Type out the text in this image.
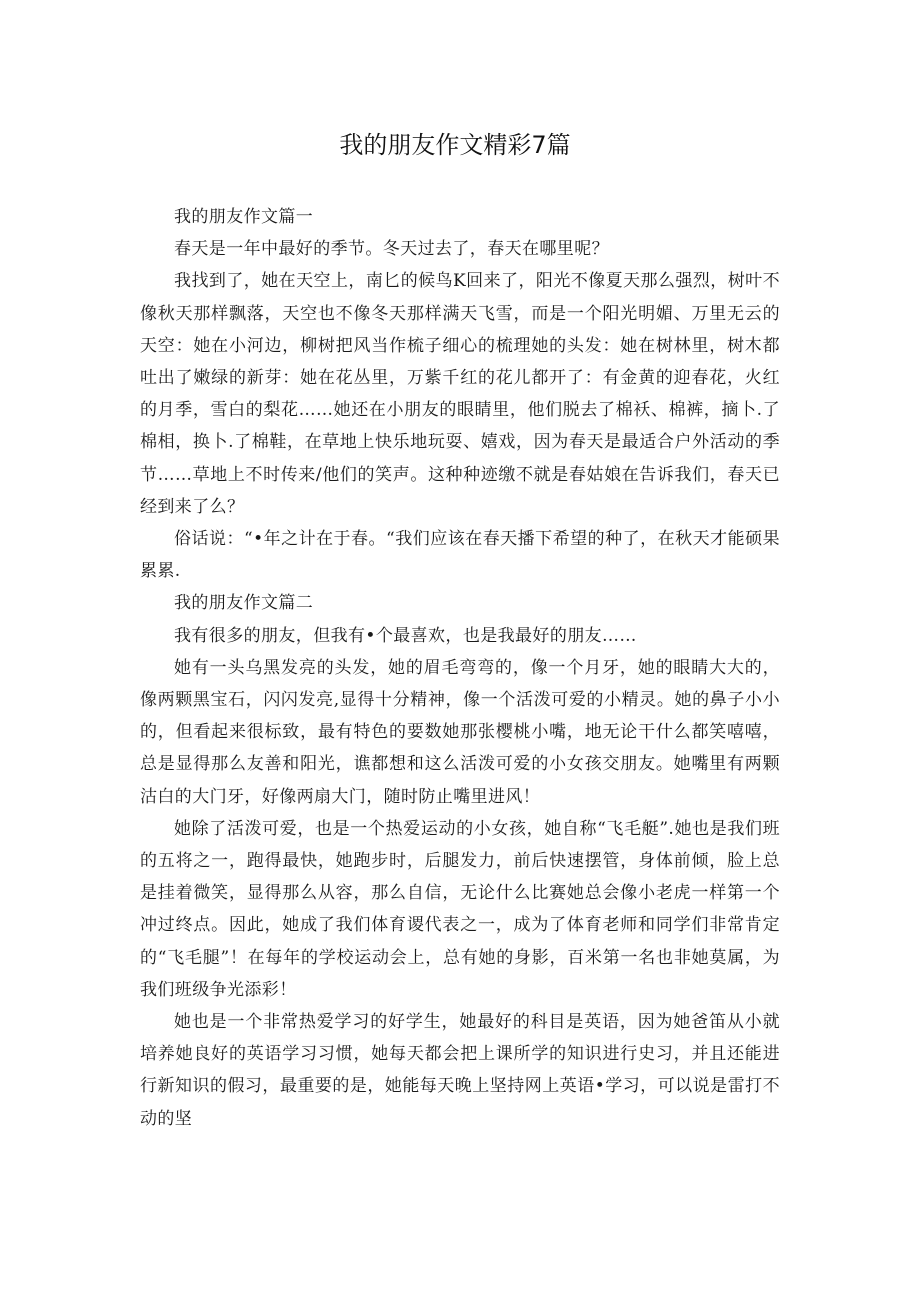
我的朋友作文精彩7篇

我的朋友作文篇一

春天是一年中最好的季节。冬天过去了，春天在哪里呢？

我找到了，她在天空上，南匕的候鸟K回来了，阳光不像夏天那么强烈，树叶不像秋天那样飘落，天空也不像冬天那样满天飞雪，而是一个阳光明媚、万里无云的天空：她在小河边，柳树把风当作梳子细心的梳理她的头发：她在树林里，树木都吐出了嫩绿的新芽：她在花丛里，万紫千红的花儿都开了：有金黄的迎春花，火红的月季，雪白的梨花……她还在小朋友的眼睛里，他们脱去了棉袄、棉裤，摘卜.了棉相，换卜.了棉鞋，在草地上快乐地玩耍、嬉戏，因为春天是最适合户外活动的季节……草地上不时传来/他们的笑声。这种种迹缴不就是春姑娘在告诉我们，春天已经到来了么？

俗话说：“•年之计在于春。“我们应该在春天播下希望的种了，在秋天才能硕果累累.

我的朋友作文篇二

我有很多的朋友，但我有•个最喜欢，也是我最好的朋友……

她有一头乌黑发亮的头发，她的眉毛弯弯的，像一个月牙，她的眼睛大大的，像两颗黑宝石，闪闪发亮,显得十分精神，像一个活泼可爱的小精灵。她的鼻子小小的，但看起来很标致，最有特色的要数她那张樱桃小嘴，地无论干什么都笑嘻嘻，总是显得那么友善和阳光，谯都想和这么活泼可爱的小女孩交朋友。她嘴里有两颗沽白的大门牙，好像两扇大门，随时防止嘴里进风！

她除了活泼可爱，也是一个热爱运动的小女孩，她自称“飞毛艇”.她也是我们班的五将之一，跑得最快，她跑步时，后腿发力，前后快速摆管，身体前倾，脸上总是挂着微笑，显得那么从容，那么自信，无论什么比赛她总会像小老虎一样第一个冲过终点。因此，她成了我们体育谡代表之一，成为了体育老师和同学们非常肯定的“飞毛腿”！在每年的学校运动会上，总有她的身影，百米第一名也非她莫属，为我们班级争光添彩！

她也是一个非常热爱学习的好学生，她最好的科目是英语，因为她爸笛从小就培养她良好的英语学习习惯，她每天都会把上课所学的知识进行史习，并且还能进行新知识的假习，最重要的是，她能每天晚上坚持网上英语•学习，可以说是雷打不动的坚
